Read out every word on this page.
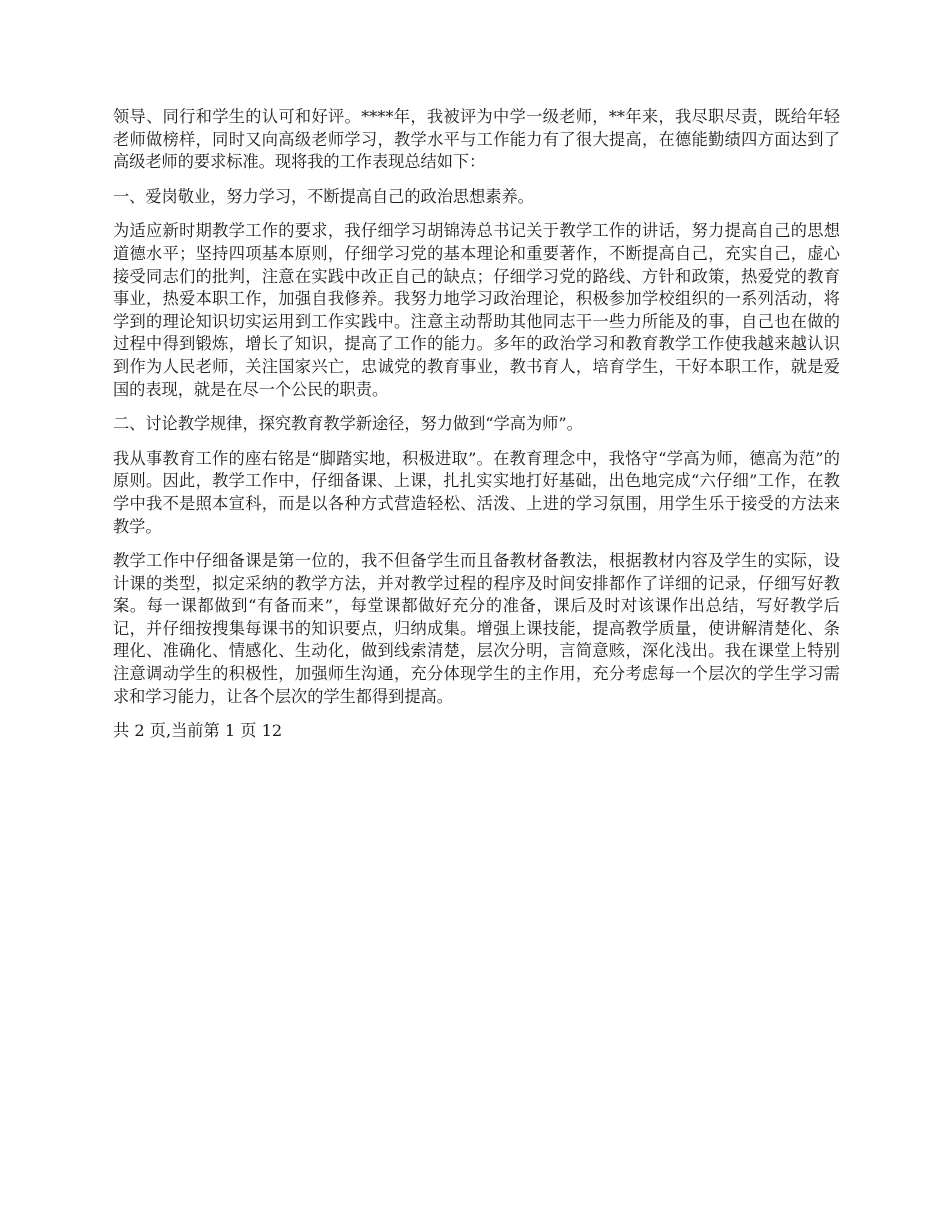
领导、同行和学生的认可和好评。****年，我被评为中学一级老师，**年来，我尽职尽责，既给年轻老师做榜样，同时又向高级老师学习，教学水平与工作能力有了很大提高，在德能勤绩四方面达到了高级老师的要求标准。现将我的工作表现总结如下：

一、爱岗敬业，努力学习，不断提高自己的政治思想素养。

为适应新时期教学工作的要求，我仔细学习胡锦涛总书记关于教学工作的讲话，努力提高自己的思想道德水平；坚持四项基本原则，仔细学习党的基本理论和重要著作，不断提高自己，充实自己，虚心接受同志们的批判，注意在实践中改正自己的缺点；仔细学习党的路线、方针和政策，热爱党的教育事业，热爱本职工作，加强自我修养。我努力地学习政治理论，积极参加学校组织的一系列活动，将学到的理论知识切实运用到工作实践中。注意主动帮助其他同志干一些力所能及的事，自己也在做的过程中得到锻炼，增长了知识，提高了工作的能力。多年的政治学习和教育教学工作使我越来越认识到作为人民老师，关注国家兴亡，忠诚党的教育事业，教书育人，培育学生，干好本职工作，就是爱国的表现，就是在尽一个公民的职责。

二、讨论教学规律，探究教育教学新途径，努力做到“学高为师”。

我从事教育工作的座右铭是“脚踏实地，积极进取”。在教育理念中，我恪守“学高为师，德高为范”的原则。因此，教学工作中，仔细备课、上课，扎扎实实地打好基础，出色地完成“六仔细”工作，在教学中我不是照本宣科，而是以各种方式营造轻松、活泼、上进的学习氛围，用学生乐于接受的方法来教学。

教学工作中仔细备课是第一位的，我不但备学生而且备教材备教法，根据教材内容及学生的实际，设计课的类型，拟定采纳的教学方法，并对教学过程的程序及时间安排都作了详细的记录，仔细写好教案。每一课都做到“有备而来”，每堂课都做好充分的准备，课后及时对该课作出总结，写好教学后记，并仔细按搜集每课书的知识要点，归纳成集。增强上课技能，提高教学质量，使讲解清楚化、条理化、准确化、情感化、生动化，做到线索清楚，层次分明，言简意赅，深化浅出。我在课堂上特别注意调动学生的积极性，加强师生沟通，充分体现学生的主作用，充分考虑每一个层次的学生学习需求和学习能力，让各个层次的学生都得到提高。

共 2 页,当前第 1 页 12
